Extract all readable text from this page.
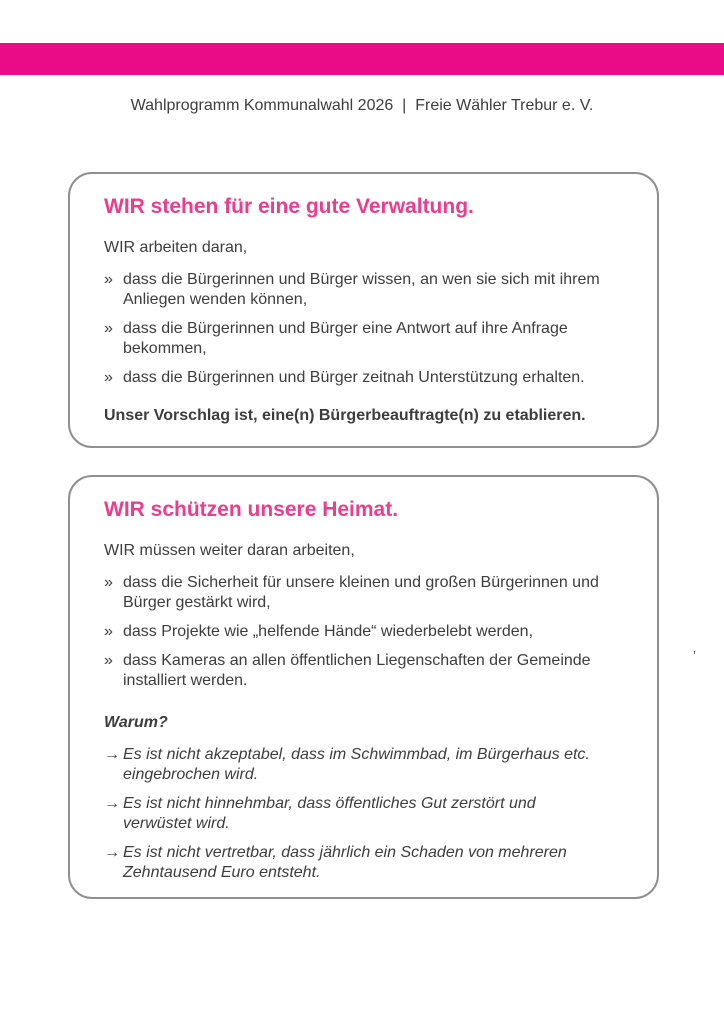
Wahlprogramm Kommunalwahl 2026  |  Freie Wähler Trebur e. V.
WIR stehen für eine gute Verwaltung.

WIR arbeiten daran,

» dass die Bürgerinnen und Bürger wissen, an wen sie sich mit ihrem Anliegen wenden können,
» dass die Bürgerinnen und Bürger eine Antwort auf ihre Anfrage bekommen,
» dass die Bürgerinnen und Bürger zeitnah Unterstützung erhalten.

Unser Vorschlag ist, eine(n) Bürgerbeauftragte(n) zu etablieren.

WIR schützen unsere Heimat.

WIR müssen weiter daran arbeiten,

» dass die Sicherheit für unsere kleinen und großen Bürgerinnen und Bürger gestärkt wird,
» dass Projekte wie „helfende Hände“ wiederbelebt werden,
» dass Kameras an allen öffentlichen Liegenschaften der Gemeinde installiert werden.

Warum?

→ Es ist nicht akzeptabel, dass im Schwimmbad, im Bürgerhaus etc. eingebrochen wird.
→ Es ist nicht hinnehmbar, dass öffentliches Gut zerstört und verwüstet wird.
→ Es ist nicht vertretbar, dass jährlich ein Schaden von mehreren Zehntausend Euro entsteht.
’
